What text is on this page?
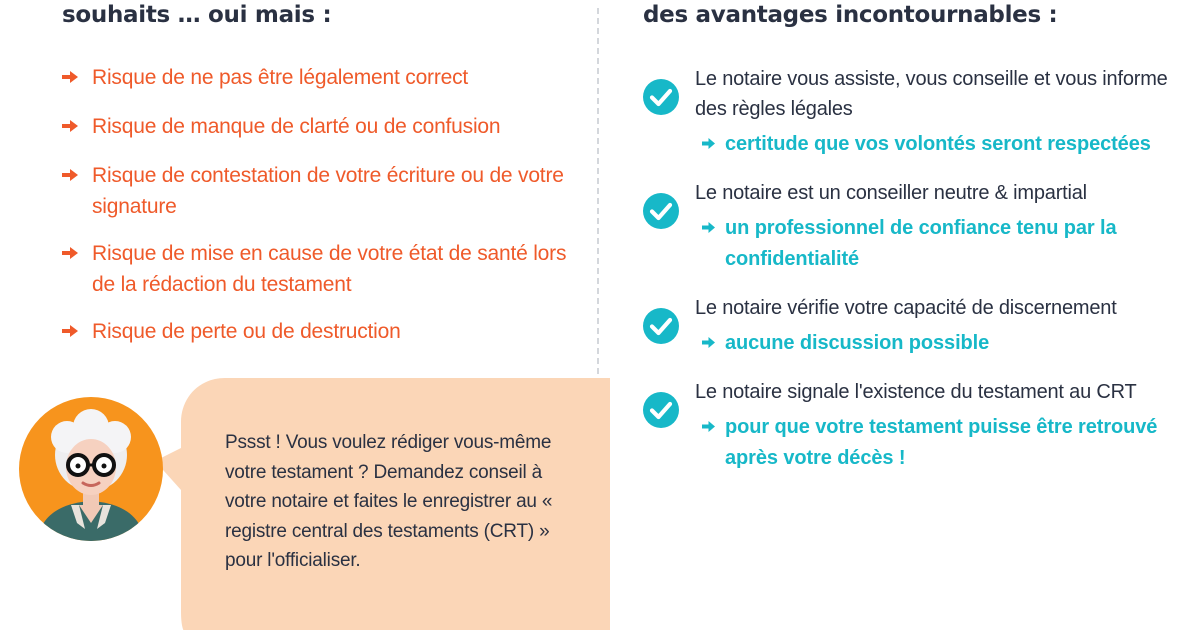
souhaits … oui mais :	des avantages incontournables :
Risque de ne pas être légalement correct
Risque de manque de clarté ou de confusion
Risque de contestation de votre écriture ou de votre signature
Risque de mise en cause de votre état de santé lors de la rédaction du testament
Risque de perte ou de destruction
Le notaire vous assiste, vous conseille et vous informe des règles légales
certitude que vos volontés seront respectées
Le notaire est un conseiller neutre & impartial
un professionnel de confiance tenu par la confidentialité
Le notaire vérifie votre capacité de discernement
aucune discussion possible
Le notaire signale l'existence du testament au CRT
pour que votre testament puisse être retrouvé après votre décès !
Pssst ! Vous voulez rédiger vous-même votre testament ? Demandez conseil à votre notaire et faites le enregistrer au « registre central des testaments (CRT) » pour l'officialiser.
